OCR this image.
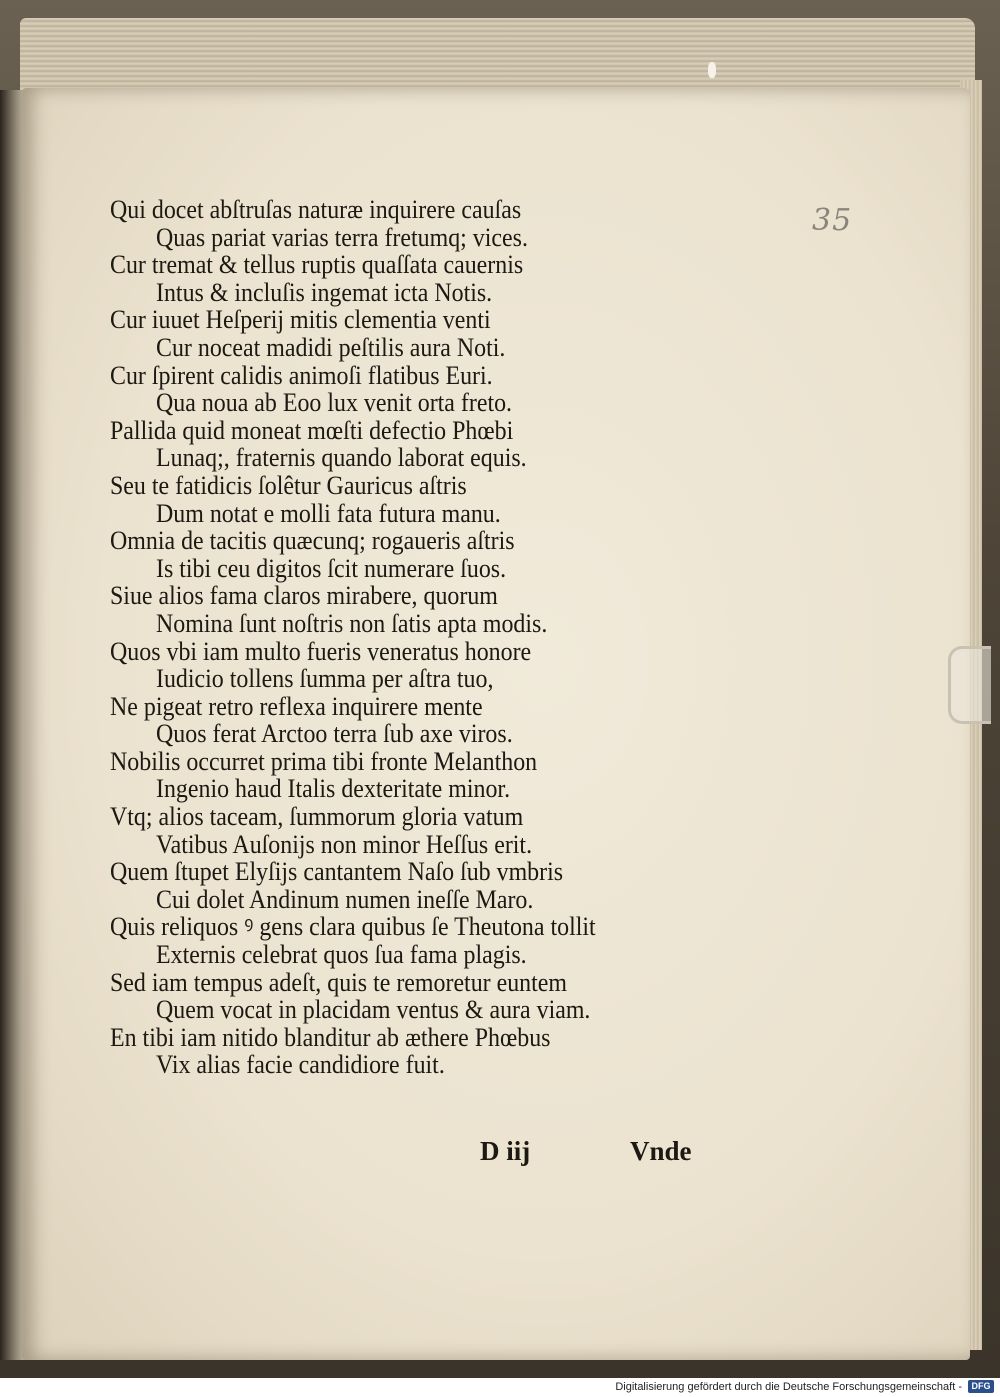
35
Qui docet abſtruſas naturæ inquirere cauſas
Quas pariat varias terra fretumq; vices.
Cur tremat & tellus ruptis quaſſata cauernis
Intus & incluſis ingemat icta Notis.
Cur iuuet Heſperij mitis clementia venti
Cur noceat madidi peſtilis aura Noti.
Cur ſpirent calidis animoſi flatibus Euri.
Qua noua ab Eoo lux venit orta freto.
Pallida quid moneat mœſti defectio Phœbi
Lunaq;, fraternis quando laborat equis.
Seu te fatidicis ſolêtur Gauricus aſtris
Dum notat e molli fata futura manu.
Omnia de tacitis quæcunq; rogaueris aſtris
Is tibi ceu digitos ſcit numerare ſuos.
Siue alios fama claros mirabere, quorum
Nomina ſunt noſtris non ſatis apta modis.
Quos vbi iam multo fueris veneratus honore
Iudicio tollens ſumma per aſtra tuo,
Ne pigeat retro reflexa inquirere mente
Quos ferat Arctoo terra ſub axe viros.
Nobilis occurret prima tibi fronte Melanthon
Ingenio haud Italis dexteritate minor.
Vtq; alios taceam, ſummorum gloria vatum
Vatibus Auſonijs non minor Heſſus erit.
Quem ſtupet Elyſijs cantantem Naſo ſub vmbris
Cui dolet Andinum numen ineſſe Maro.
Quis reliquos ꝰ gens clara quibus ſe Theutona tollit
Externis celebrat quos ſua fama plagis.
Sed iam tempus adeſt, quis te remoretur euntem
Quem vocat in placidam ventus & aura viam.
En tibi iam nitido blanditur ab æthere Phœbus
Vix alias facie candidiore fuit.
D iij	Vnde
Digitalisierung gefördert durch die Deutsche Forschungsgemeinschaft -	DFG
